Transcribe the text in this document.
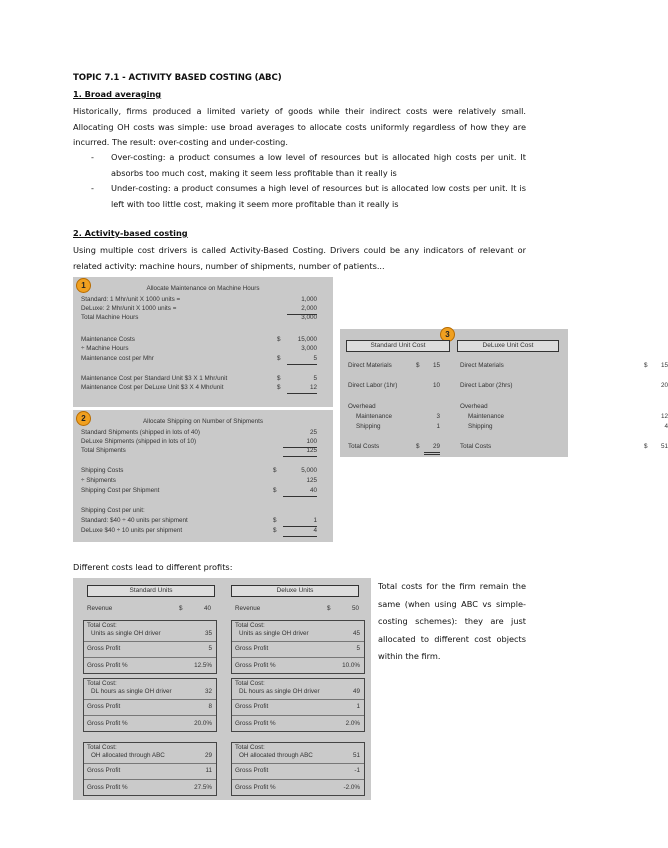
TOPIC 7.1 - ACTIVITY BASED COSTING (ABC)
1. Broad averaging
Historically, firms produced a limited variety of goods while their indirect costs were relatively small. Allocating OH costs was simple: use broad averages to allocate costs uniformly regardless of how they are incurred. The result: over-costing and under-costing.
- Over-costing: a product consumes a low level of resources but is allocated high costs per unit. It absorbs too much cost, making it seem less profitable than it really is
- Under-costing: a product consumes a high level of resources but is allocated low costs per unit. It is left with too little cost, making it seem more profitable than it really is
2. Activity-based costing
Using multiple cost drivers is called Activity-Based Costing. Drivers could be any indicators of relevant or related activity: machine hours, number of shipments, number of patients...
1	Allocate Maintenance on Machine Hours
Standard: 1 Mhr/unit X 1000 units =	1,000
DeLuxe: 2 Mhr/unit X 1000 units =	2,000
Total Machine Hours	3,000
Maintenance Costs	$	15,000
÷ Machine Hours	3,000
Maintenance cost per Mhr	$	5
Maintenance Cost per Standard Unit $3 X 1 Mhr/unit	$	5
Maintenance Cost per DeLuxe Unit $3 X 4 Mhr/unit	$	12
2	Allocate Shipping on Number of Shipments
Standard Shipments (shipped in lots of 40)	25
DeLuxe Shipments (shipped in lots of 10)	100
Total Shipments	125
Shipping Costs	$	5,000
÷ Shipments	125
Shipping Cost per Shipment	$	40
Shipping Cost per unit:
Standard: $40 ÷ 40 units per shipment	$	1
DeLuxe $40 ÷ 10 units per shipment	$	4
3
Standard Unit Cost	DeLuxe Unit Cost
Direct Materials	$	15
Direct Labor (1hr)	10
Overhead
Maintenance	3
Shipping	1
Total Costs	$	29
Direct Materials	$	15
Direct Labor (2hrs)	20
Overhead
Maintenance	12
Shipping	4
Total Costs	$	51
Different costs lead to different profits:
Standard Units	Deluxe Units
Revenue	$	40
Total Cost:
Units as single OH driver	35
Gross Profit	5
Gross Profit %	12.5%
Total Cost:
DL hours as single OH driver	32
Gross Profit	8
Gross Profit %	20.0%
Total Cost:
OH allocated through ABC	29
Gross Profit	11
Gross Profit %	27.5%
Revenue	$	50
Total Cost:
Units as single OH driver	45
Gross Profit	5
Gross Profit %	10.0%
Total Cost:
DL hours as single OH driver	49
Gross Profit	1
Gross Profit %	2.0%
Total Cost:
OH allocated through ABC	51
Gross Profit	-1
Gross Profit %	-2.0%
Total costs for the firm remain the same (when using ABC vs simple-costing schemes): they are just allocated to different cost objects within the firm.
